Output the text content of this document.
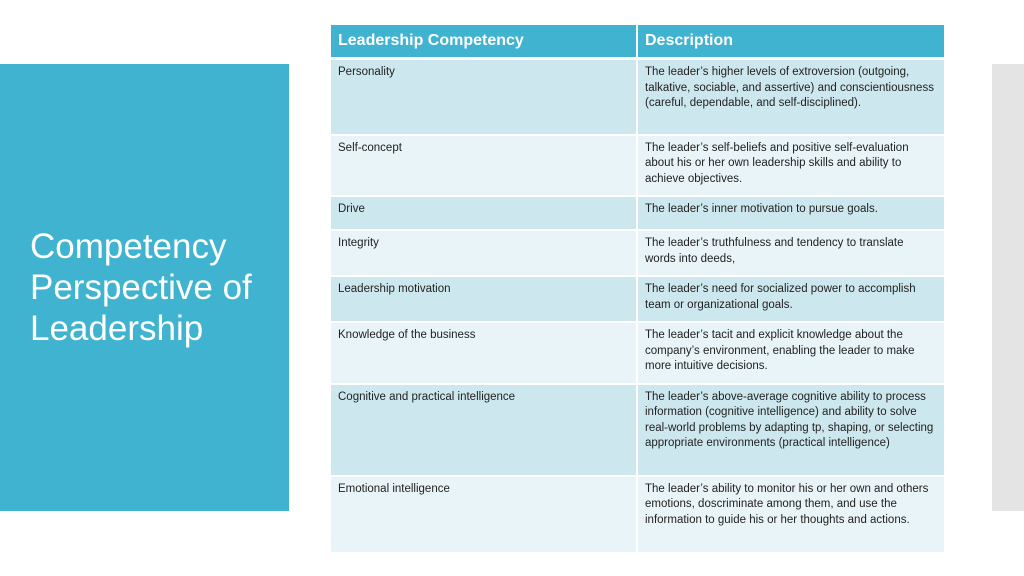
Competency Perspective of Leadership
Leadership Competency	Description
Personality	The leader’s higher levels of extroversion (outgoing, talkative, sociable, and assertive) and conscientiousness (careful, dependable, and self-disciplined).
Self-concept	The leader’s self-beliefs and positive self-evaluation about his or her own leadership skills and ability to achieve objectives.
Drive	The leader’s inner motivation to pursue goals.
Integrity	The leader’s truthfulness and tendency to translate words into deeds,
Leadership motivation	The leader’s need for socialized power to accomplish team or organizational goals.
Knowledge of the business	The leader’s tacit and explicit knowledge about the company’s environment, enabling the leader to make more intuitive decisions.
Cognitive and practical intelligence	The leader’s above-average cognitive ability to process information (cognitive intelligence) and ability to solve real-world problems by adapting tp, shaping, or selecting appropriate environments (practical intelligence)
Emotional intelligence	The leader’s ability to monitor his or her own and others emotions, doscriminate among them, and use the information to guide his or her thoughts and actions.
